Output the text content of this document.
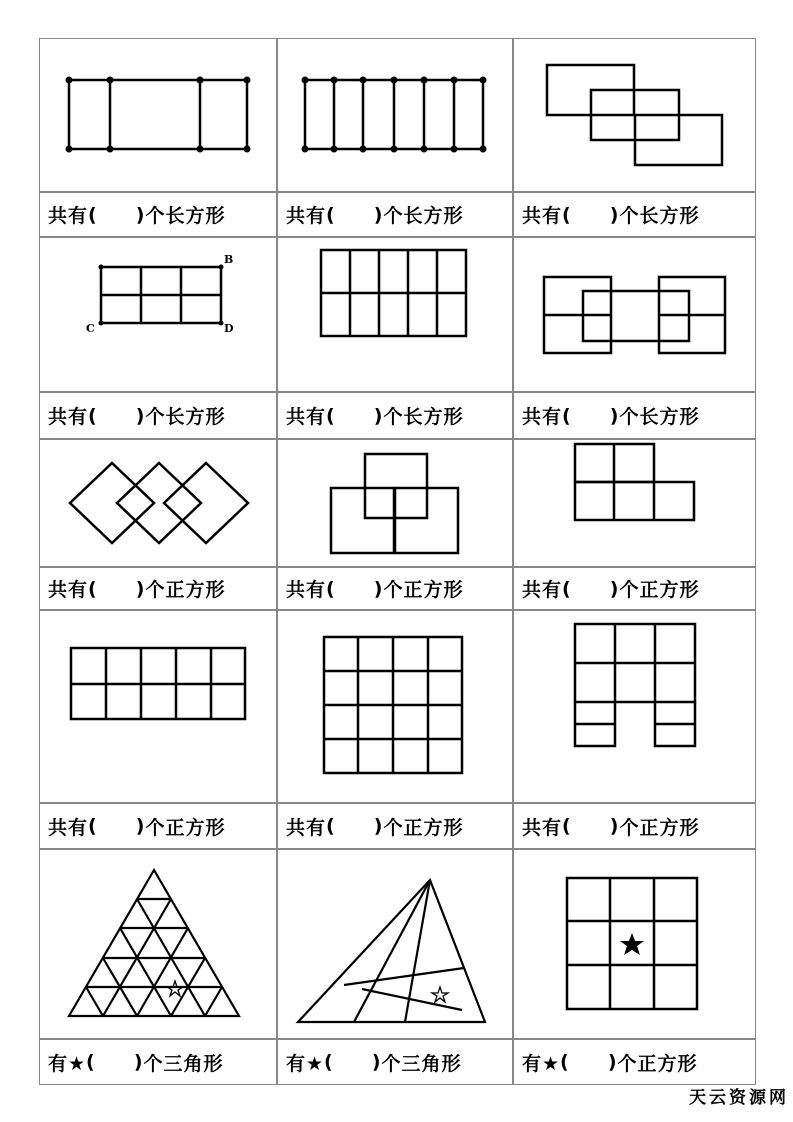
共有 (
) 个长方形	共有 (
) 个长方形	共有 (
) 个长方形
B
C	D
共有 (
) 个长方形	共有 (
) 个长方形	共有 (
) 个长方形
共有 (
) 个正方形	共有 (
) 个正方形	共有 (
) 个正方形
共有 (
) 个正方形	共有 (
) 个正方形	共有 (
) 个正方形
有★ (
) 个三角形	有★ (
) 个三角形	有★ (
) 个正方形
天云资源网
